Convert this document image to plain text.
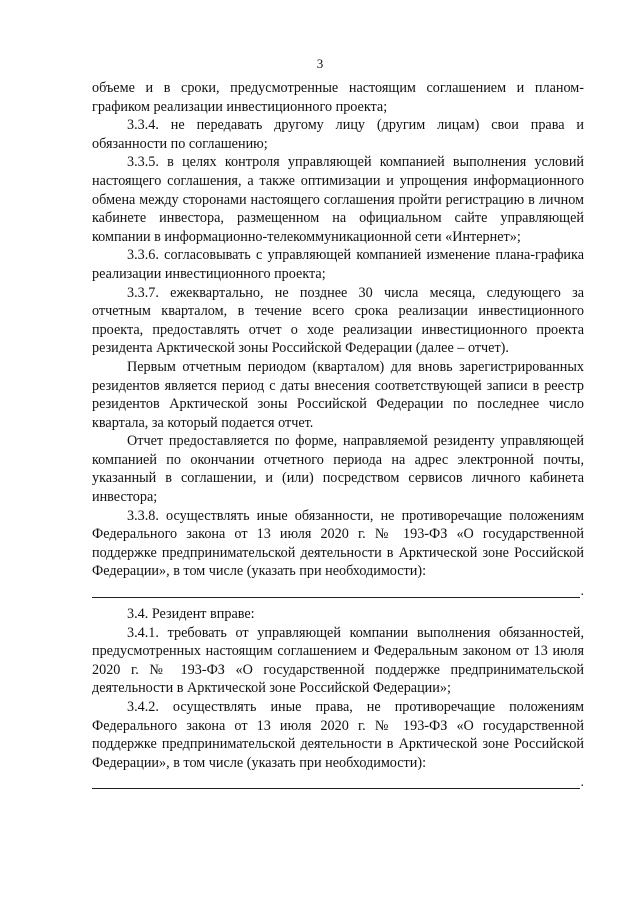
3

объеме и в сроки, предусмотренные настоящим соглашением и планом-графиком реализации инвестиционного проекта;

3.3.4. не передавать другому лицу (другим лицам) свои права и обязанности по соглашению;

3.3.5. в целях контроля управляющей компанией выполнения условий настоящего соглашения, а также оптимизации и упрощения информационного обмена между сторонами настоящего соглашения пройти регистрацию в личном кабинете инвестора, размещенном на официальном сайте управляющей компании в информационно-телекоммуникационной сети «Интернет»;

3.3.6. согласовывать с управляющей компанией изменение плана-графика реализации инвестиционного проекта;

3.3.7. ежеквартально, не позднее 30 числа месяца, следующего за отчетным кварталом, в течение всего срока реализации инвестиционного проекта, предоставлять отчет о ходе реализации инвестиционного проекта резидента Арктической зоны Российской Федерации (далее – отчет).

Первым отчетным периодом (кварталом) для вновь зарегистрированных резидентов является период с даты внесения соответствующей записи в реестр резидентов Арктической зоны Российской Федерации по последнее число квартала, за который подается отчет.

Отчет предоставляется по форме, направляемой резиденту управляющей компанией по окончании отчетного периода на адрес электронной почты, указанный в соглашении, и (или) посредством сервисов личного кабинета инвестора;

3.3.8. осуществлять иные обязанности, не противоречащие положениям Федерального закона от 13 июля 2020 г. № 193-ФЗ «О государственной поддержке предпринимательской деятельности в Арктической зоне Российской Федерации», в том числе (указать при необходимости):

.

3.4. Резидент вправе:

3.4.1. требовать от управляющей компании выполнения обязанностей, предусмотренных настоящим соглашением и Федеральным законом от 13 июля 2020 г. № 193-ФЗ «О государственной поддержке предпринимательской деятельности в Арктической зоне Российской Федерации»;

3.4.2. осуществлять иные права, не противоречащие положениям Федерального закона от 13 июля 2020 г. № 193-ФЗ «О государственной поддержке предпринимательской деятельности в Арктической зоне Российской Федерации», в том числе (указать при необходимости):

.
